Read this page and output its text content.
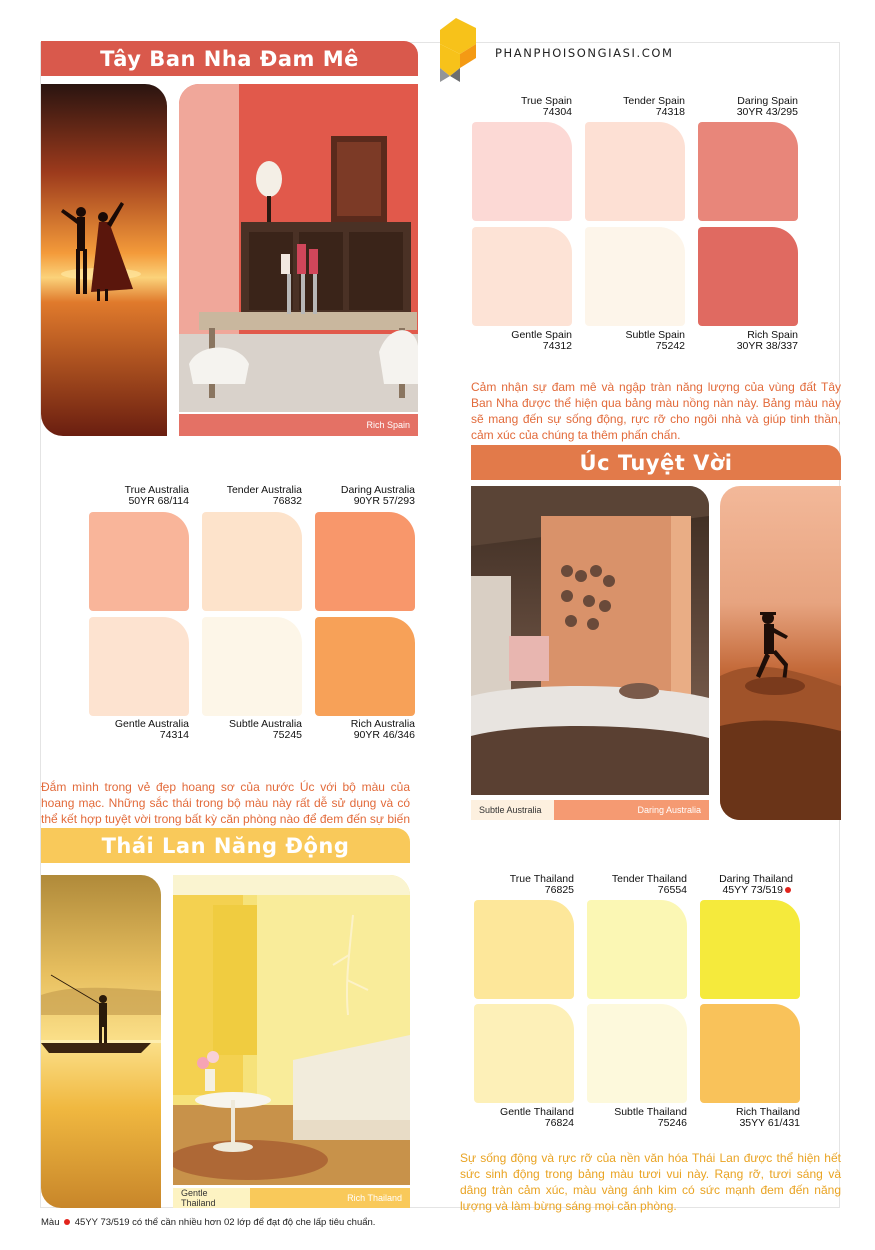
PHANPHOISONGIASI.COM
Tây Ban Nha Đam Mê
Rich Spain
True Spain
74304
Tender Spain
74318
Daring Spain
30YR 43/295
Gentle Spain
74312
Subtle Spain
75242
Rich Spain
30YR 38/337
Cảm nhận sự đam mê và ngập tràn năng lượng của vùng đất Tây Ban Nha được thể hiện qua bảng màu nồng nàn này. Bảng màu này sẽ mang đến sự sống động, rực rỡ cho ngôi nhà và giúp tinh thần, cảm xúc của chúng ta thêm phấn chấn.
Úc Tuyệt Vời
True Australia
50YR 68/114
Tender Australia
76832
Daring Australia
90YR 57/293
Gentle Australia
74314
Subtle Australia
75245
Rich Australia
90YR 46/346
Đắm mình trong vẻ đẹp hoang sơ của nước Úc với bộ màu của hoang mạc. Những sắc thái trong bộ màu này rất dễ sử dụng và có thể kết hợp tuyệt vời trong bất kỳ căn phòng nào để đem đến sự biến
Subtle Australia	Daring Australia
Thái Lan Năng Động
Gentle Thailand	Rich Thailand
True Thailand
76825
Tender Thailand
76554
Daring Thailand
45YY 73/519
Gentle Thailand
76824
Subtle Thailand
75246
Rich Thailand
35YY 61/431
Sự sống động và rực rỡ của nền văn hóa Thái Lan được thể hiện hết sức sinh động trong bảng màu tươi vui này. Rạng rỡ, tươi sáng và dâng tràn cảm xúc, màu vàng ánh kim có sức mạnh đem đến năng lượng và làm bừng sáng mọi căn phòng.
Màu 45YY 73/519 có thể cần nhiều hơn 02 lớp để đạt độ che lấp tiêu chuẩn.
